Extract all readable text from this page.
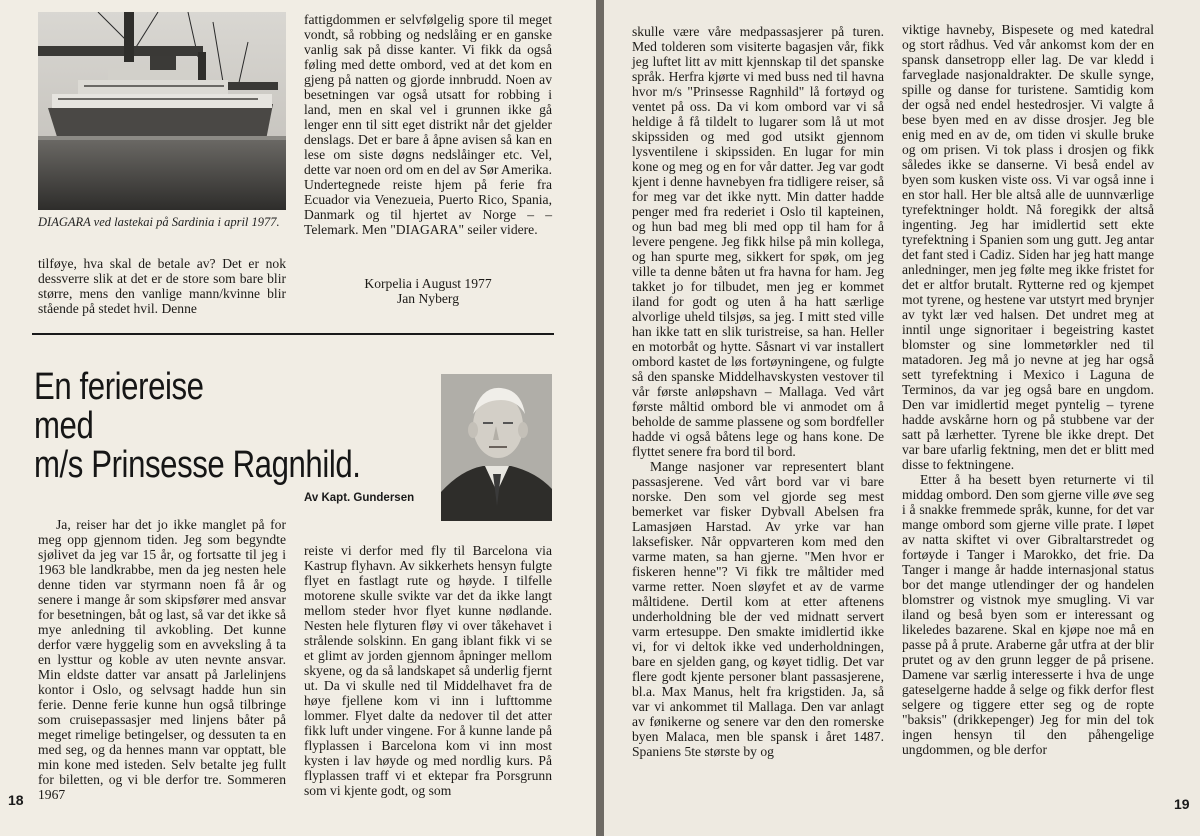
DIAGARA ved lastekai på Sardinia i april 1977.

tilføye, hva skal de betale av? Det er nok dessverre slik at det er de store som bare blir større, mens den vanlige mann/kvinne blir stående på stedet hvil. Denne

fattigdommen er selvfølgelig spore til meget vondt, så robbing og nedslåing er en ganske vanlig sak på disse kanter. Vi fikk da også føling med dette ombord, ved at det kom en gjeng på natten og gjorde innbrudd. Noen av besetningen var også utsatt for robbing i land, men en skal vel i grunnen ikke gå lenger enn til sitt eget distrikt når det gjelder denslags. Det er bare å åpne avisen så kan en lese om siste døgns nedslåinger etc. Vel, dette var noen ord om en del av Sør Amerika. Undertegnede reiste hjem på ferie fra Ecuador via Venezueia, Puerto Rico, Spania, Danmark og til hjertet av Norge – – Telemark. Men "DIAGARA" seiler videre.

Korpelia i August 1977
Jan Nyberg
En feriereise
med
m/s Prinsesse Ragnhild.
Av Kapt. Gundersen

Ja, reiser har det jo ikke manglet på for meg opp gjennom tiden. Jeg som begyndte sjølivet da jeg var 15 år, og fortsatte til jeg i 1963 ble landkrabbe, men da jeg nesten hele denne tiden var styrmann noen få år og senere i mange år som skipsfører med ansvar for besetningen, båt og last, så var det ikke så mye anledning til avkobling. Det kunne derfor være hyggelig som en avveksling å ta en lysttur og koble av uten nevnte ansvar. Min eldste datter var ansatt på Jarlelinjens kontor i Oslo, og selvsagt hadde hun sin ferie. Denne ferie kunne hun også tilbringe som cruisepassasjer med linjens båter på meget rimelige betingelser, og dessuten ta en med seg, og da hennes mann var opptatt, ble min kone med isteden. Selv betalte jeg fullt for biletten, og vi ble derfor tre. Sommeren 1967

reiste vi derfor med fly til Barcelona via Kastrup flyhavn. Av sikkerhets hensyn fulgte flyet en fastlagt rute og høyde. I tilfelle motorene skulle svikte var det da ikke langt mellom steder hvor flyet kunne nødlande. Nesten hele flyturen fløy vi over tåkehavet i strålende solskinn. En gang iblant fikk vi se et glimt av jorden gjennom åpninger mellom skyene, og da så landskapet så underlig fjernt ut. Da vi skulle ned til Middelhavet fra de høye fjellene kom vi inn i lufttomme lommer. Flyet dalte da nedover til det atter fikk luft under vingene. For å kunne lande på flyplassen i Barcelona kom vi inn most kysten i lav høyde og med nordlig kurs. På flyplassen traff vi et ektepar fra Porsgrunn som vi kjente godt, og som

18

skulle være våre medpassasjerer på turen. Med tolderen som visiterte bagasjen vår, fikk jeg luftet litt av mitt kjennskap til det spanske språk. Herfra kjørte vi med buss ned til havna hvor m/s "Prinsesse Ragnhild" lå fortøyd og ventet på oss. Da vi kom ombord var vi så heldige å få tildelt to lugarer som lå ut mot skipssiden og med god utsikt gjennom lysventilene i skipssiden. En lugar for min kone og meg og en for vår datter. Jeg var godt kjent i denne havnebyen fra tidligere reiser, så for meg var det ikke nytt. Min datter hadde penger med fra rederiet i Oslo til kapteinen, og hun bad meg bli med opp til ham for å levere pengene. Jeg fikk hilse på min kollega, og han spurte meg, sikkert for spøk, om jeg ville ta denne båten ut fra havna for ham. Jeg takket jo for tilbudet, men jeg er kommet iland for godt og uten å ha hatt særlige alvorlige uheld tilsjøs, sa jeg. I mitt sted ville han ikke tatt en slik turistreise, sa han. Heller en motorbåt og hytte. Såsnart vi var installert ombord kastet de løs fortøyningene, og fulgte så den spanske Middelhavskysten vestover til vår første anløpshavn – Mallaga. Ved vårt første måltid ombord ble vi anmodet om å beholde de samme plassene og som bordfeller hadde vi også båtens lege og hans kone. De flyttet senere fra bord til bord.

Mange nasjoner var representert blant passasjerene. Ved vårt bord var vi bare norske. Den som vel gjorde seg mest bemerket var fisker Dybvall Abelsen fra Lamasjøen Harstad. Av yrke var han laksefisker. Når oppvarteren kom med den varme maten, sa han gjerne. "Men hvor er fiskeren henne"? Vi fikk tre måltider med varme retter. Noen sløyfet et av de varme måltidene. Dertil kom at etter aftenens underholdning ble der ved midnatt servert varm ertesuppe. Den smakte imidlertid ikke vi, for vi deltok ikke ved underholdningen, bare en sjelden gang, og køyet tidlig. Det var flere godt kjente personer blant passasjerene, bl.a. Max Manus, helt fra krigstiden. Ja, så var vi ankommet til Mallaga. Den var anlagt av fønikerne og senere var den den romerske byen Malaca, men ble spansk i året 1487. Spaniens 5te største by og

viktige havneby, Bispesete og med katedral og stort rådhus. Ved vår ankomst kom der en spansk dansetropp eller lag. De var kledd i farveglade nasjonaldrakter. De skulle synge, spille og danse for turistene. Samtidig kom der også ned endel hestedrosjer. Vi valgte å bese byen med en av disse drosjer. Jeg ble enig med en av de, om tiden vi skulle bruke og om prisen. Vi tok plass i drosjen og fikk således ikke se danserne. Vi beså endel av byen som kusken viste oss. Vi var også inne i en stor hall. Her ble altså alle de uunnværlige tyrefektninger holdt. Nå foregikk der altså ingenting. Jeg har imidlertid sett ekte tyrefektning i Spanien som ung gutt. Jeg antar det fant sted i Cadiz. Siden har jeg hatt mange anledninger, men jeg følte meg ikke fristet for det er altfor brutalt. Rytterne red og kjempet mot tyrene, og hestene var utstyrt med brynjer av tykt lær ved halsen. Det undret meg at inntil unge signoritaer i begeistring kastet blomster og sine lommetørkler ned til matadoren. Jeg må jo nevne at jeg har også sett tyrefektning i Mexico i Laguna de Terminos, da var jeg også bare en ungdom. Den var imidlertid meget pyntelig – tyrene hadde avskårne horn og på stubbene var der satt på lærhetter. Tyrene ble ikke drept. Det var bare ufarlig fektning, men det er blitt med disse to fektningene.

Etter å ha besett byen returnerte vi til middag ombord. Den som gjerne ville øve seg i å snakke fremmede språk, kunne, for det var mange ombord som gjerne ville prate. I løpet av natta skiftet vi over Gibraltarstredet og fortøyde i Tanger i Marokko, det frie. Da Tanger i mange år hadde internasjonal status bor det mange utlendinger der og handelen blomstrer og vistnok mye smugling. Vi var iland og beså byen som er interessant og likeledes bazarene. Skal en kjøpe noe må en passe på å prute. Araberne går utfra at der blir prutet og av den grunn legger de på prisene. Damene var særlig interesserte i hva de unge gateselgerne hadde å selge og fikk derfor flest selgere og tiggere etter seg og de ropte "baksis" (drikkepenger) Jeg for min del tok ingen hensyn til den påhengelige ungdommen, og ble derfor

19
